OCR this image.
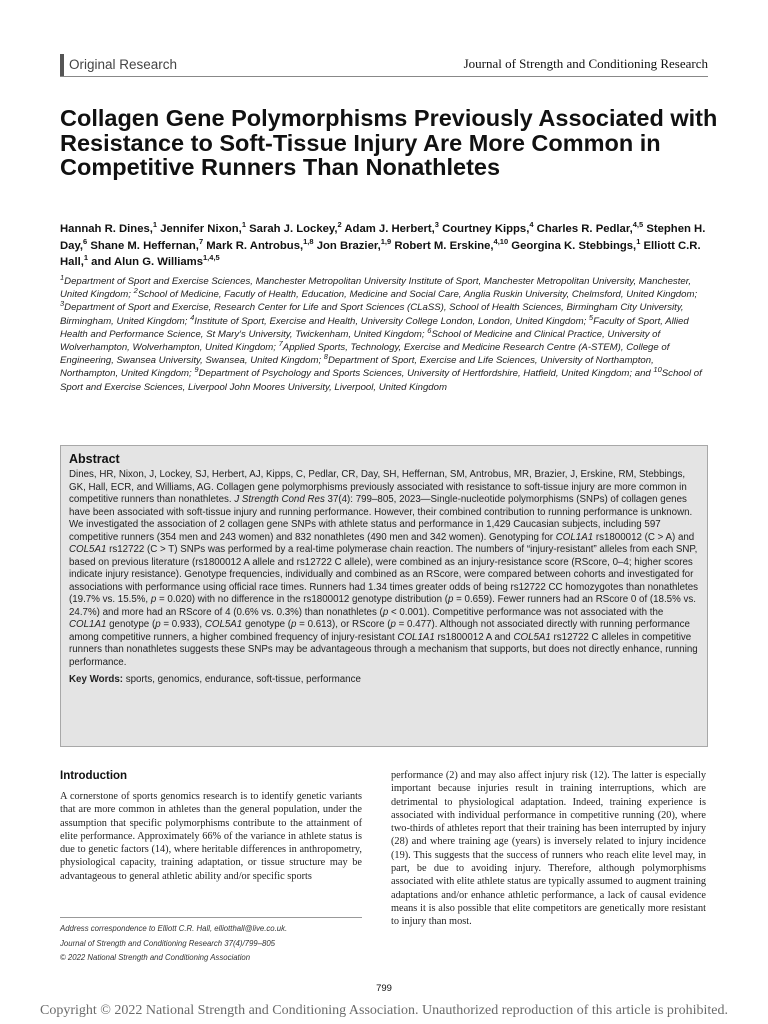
Original Research	Journal of Strength and Conditioning Research
Collagen Gene Polymorphisms Previously Associated with Resistance to Soft-Tissue Injury Are More Common in Competitive Runners Than Nonathletes

Hannah R. Dines,$^1$ Jennifer Nixon,$^1$ Sarah J. Lockey,$^2$ Adam J. Herbert,$^3$ Courtney Kipps,$^4$ Charles R. Pedlar,$^{4,5}$ Stephen H. Day,$^6$ Shane M. Heffernan,$^7$ Mark R. Antrobus,$^{1,8}$ Jon Brazier,$^{1,9}$ Robert M. Erskine,$^{4,10}$ Georgina K. Stebbings,$^1$ Elliott C.R. Hall,$^1$ and Alun G. Williams$^{1,4,5}$

$^1$Department of Sport and Exercise Sciences, Manchester Metropolitan University Institute of Sport, Manchester Metropolitan University, Manchester, United Kingdom; $^2$School of Medicine, Facutly of Health, Education, Medicine and Social Care, Anglia Ruskin University, Chelmsford, United Kingdom; $^3$Department of Sport and Exercise, Research Center for Life and Sport Sciences (CLaSS), School of Health Sciences, Birmingham City University, Birmingham, United Kingdom; $^4$Institute of Sport, Exercise and Health, University College London, London, United Kingdom; $^5$Faculty of Sport, Allied Health and Performance Science, St Mary's University, Twickenham, United Kingdom; $^6$School of Medicine and Clinical Practice, University of Wolverhampton, Wolverhampton, United Kingdom; $^7$Applied Sports, Technology, Exercise and Medicine Research Centre (A-STEM), College of Engineering, Swansea University, Swansea, United Kingdom; $^8$Department of Sport, Exercise and Life Sciences, University of Northampton, Northampton, United Kingdom; $^9$Department of Psychology and Sports Sciences, University of Hertfordshire, Hatfield, United Kingdom; and $^{10}$School of Sport and Exercise Sciences, Liverpool John Moores University, Liverpool, United Kingdom

Abstract

Dines, HR, Nixon, J, Lockey, SJ, Herbert, AJ, Kipps, C, Pedlar, CR, Day, SH, Heffernan, SM, Antrobus, MR, Brazier, J, Erskine, RM, Stebbings, GK, Hall, ECR, and Williams, AG. Collagen gene polymorphisms previously associated with resistance to soft-tissue injury are more common in competitive runners than nonathletes. J Strength Cond Res 37(4): 799–805, 2023—Single-nucleotide polymorphisms (SNPs) of collagen genes have been associated with soft-tissue injury and running performance. However, their combined contribution to running performance is unknown. We investigated the association of 2 collagen gene SNPs with athlete status and performance in 1,429 Caucasian subjects, including 597 competitive runners (354 men and 243 women) and 832 nonathletes (490 men and 342 women). Genotyping for COL1A1 rs1800012 (C > A) and COL5A1 rs12722 (C > T) SNPs was performed by a real-time polymerase chain reaction. The numbers of “injury-resistant” alleles from each SNP, based on previous literature (rs1800012 A allele and rs12722 C allele), were combined as an injury-resistance score (RScore, 0–4; higher scores indicate injury resistance). Genotype frequencies, individually and combined as an RScore, were compared between cohorts and investigated for associations with performance using official race times. Runners had 1.34 times greater odds of being rs12722 CC homozygotes than nonathletes (19.7% vs. 15.5%, p = 0.020) with no difference in the rs1800012 genotype distribution (p = 0.659). Fewer runners had an RScore 0 of (18.5% vs. 24.7%) and more had an RScore of 4 (0.6% vs. 0.3%) than nonathletes (p < 0.001). Competitive performance was not associated with the COL1A1 genotype (p = 0.933), COL5A1 genotype (p = 0.613), or RScore (p = 0.477). Although not associated directly with running performance among competitive runners, a higher combined frequency of injury-resistant COL1A1 rs1800012 A and COL5A1 rs12722 C alleles in competitive runners than nonathletes suggests these SNPs may be advantageous through a mechanism that supports, but does not directly enhance, running performance.

Key Words: sports, genomics, endurance, soft-tissue, performance

Introduction

A cornerstone of sports genomics research is to identify genetic variants that are more common in athletes than the general population, under the assumption that specific polymorphisms contribute to the attainment of elite performance. Approximately 66% of the variance in athlete status is due to genetic factors (14), where heritable differences in anthropometry, physiological capacity, training adaptation, or tissue structure may be advantageous to general athletic ability and/or specific sports

Address correspondence to Elliott C.R. Hall, elliotthall@live.co.uk.
Journal of Strength and Conditioning Research 37(4)/799–805
© 2022 National Strength and Conditioning Association

performance (2) and may also affect injury risk (12). The latter is especially important because injuries result in training interruptions, which are detrimental to physiological adaptation. Indeed, training experience is associated with individual performance in competitive running (20), where two-thirds of athletes report that their training has been interrupted by injury (28) and where training age (years) is inversely related to injury incidence (19). This suggests that the success of runners who reach elite level may, in part, be due to avoiding injury. Therefore, although polymorphisms associated with elite athlete status are typically assumed to augment training adaptations and/or enhance athletic performance, a lack of causal evidence means it is also possible that elite competitors are genetically more resistant to injury than most.

799
Copyright © 2022 National Strength and Conditioning Association. Unauthorized reproduction of this article is prohibited.
